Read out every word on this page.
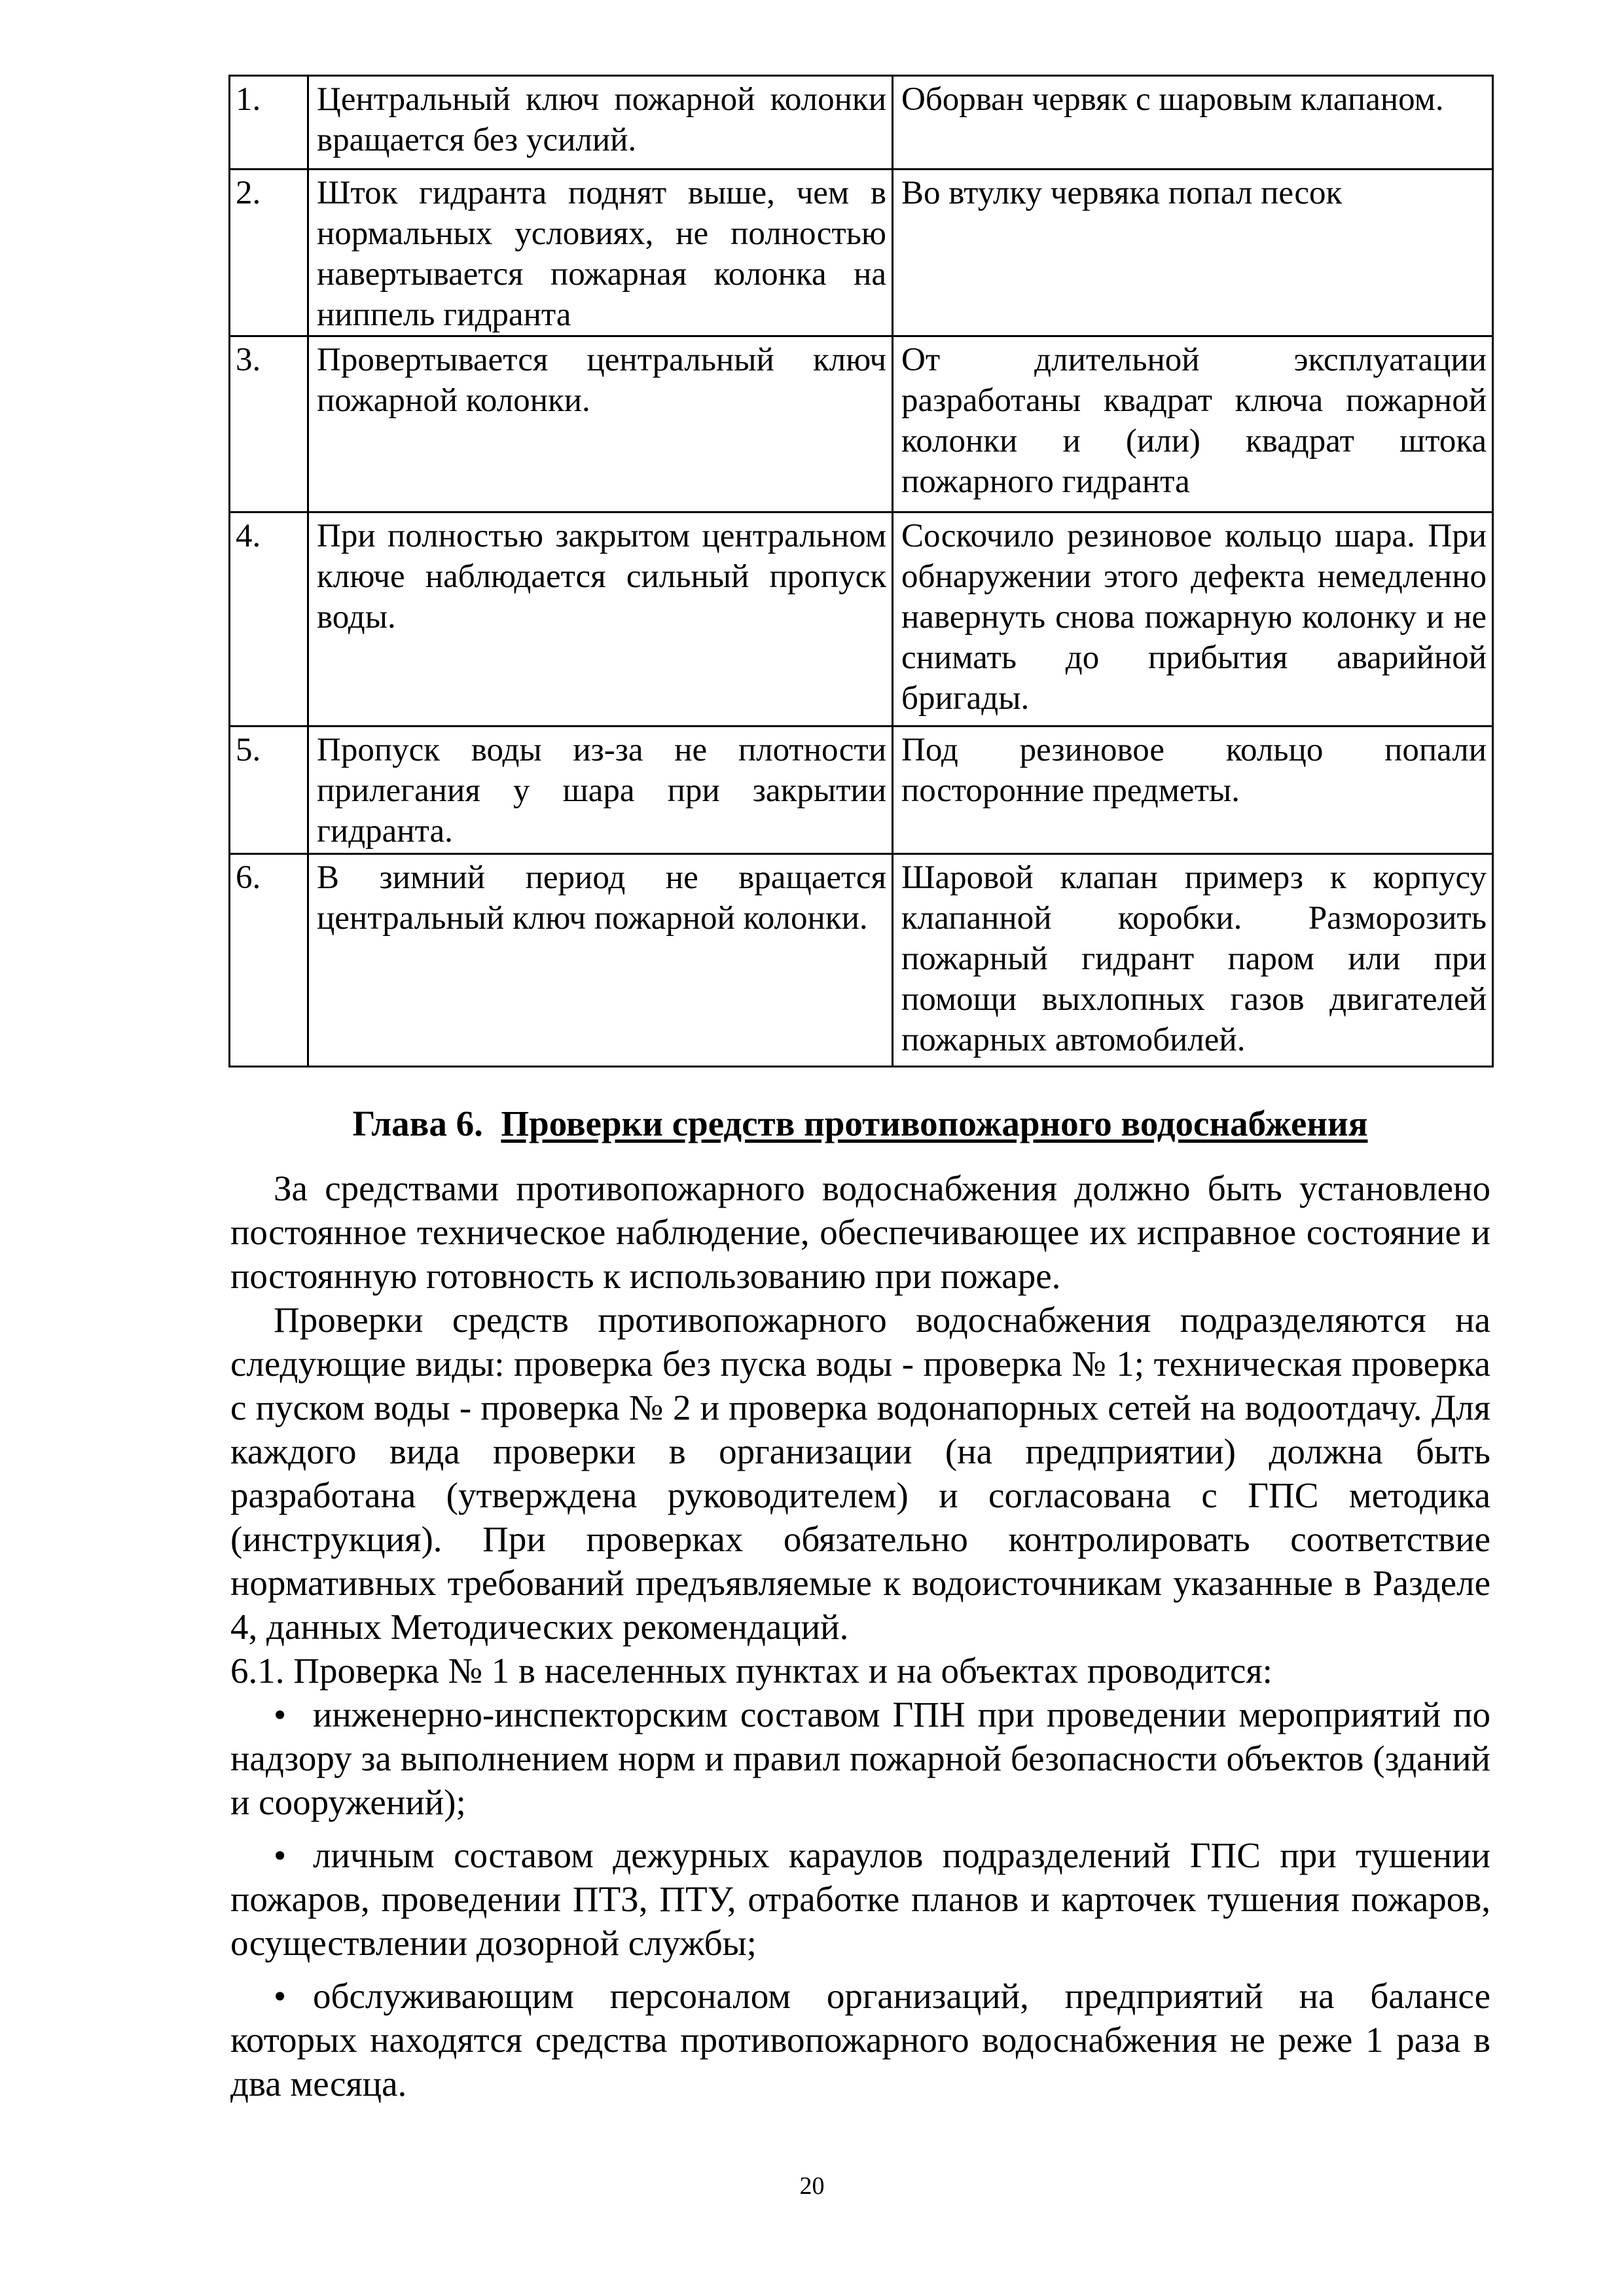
1.	Центральный ключ пожарной колонки вращается без усилий.	Оборван червяк с шаровым клапаном.
2.	Шток гидранта поднят выше, чем в нормальных условиях, не полностью навертывается пожарная колонка на ниппель гидранта	Во втулку червяка попал песок
3.	Провертывается центральный ключ пожарной колонки.	От длительной эксплуатации разработаны квадрат ключа пожарной колонки и (или) квадрат штока пожарного гидранта
4.	При полностью закрытом центральном ключе наблюдается сильный пропуск воды.	Соскочило резиновое кольцо шара. При обнаружении этого дефекта немедленно навернуть снова пожарную колонку и не снимать до прибытия аварийной бригады.
5.	Пропуск воды из-за не плотности прилегания у шара при закрытии гидранта.	Под резиновое кольцо попали посторонние предметы.
6.	В зимний период не вращается центральный ключ пожарной колонки.	Шаровой клапан примерз к корпусу клапанной коробки. Разморозить пожарный гидрант паром или при помощи выхлопных газов двигателей пожарных автомобилей.
Глава 6. Проверки средств противопожарного водоснабжения

За средствами противопожарного водоснабжения должно быть установлено постоянное техническое наблюдение, обеспечивающее их исправное состояние и постоянную готовность к использованию при пожаре.

Проверки средств противопожарного водоснабжения подразделяются на следующие виды: проверка без пуска воды - проверка № 1; техническая проверка с пуском воды - проверка № 2 и проверка водонапорных сетей на водоотдачу. Для каждого вида проверки в организации (на предприятии) должна быть разработана (утверждена руководителем) и согласована с ГПС методика (инструкция). При проверках обязательно контролировать соответствие нормативных требований предъявляемые к водоисточникам указанные в Разделе 4, данных Методических рекомендаций.

6.1. Проверка № 1 в населенных пунктах и на объектах проводится:

• инженерно-инспекторским составом ГПН при проведении мероприятий по надзору за выполнением норм и правил пожарной безопасности объектов (зданий и сооружений);
• личным составом дежурных караулов подразделений ГПС при тушении пожаров, проведении ПТЗ, ПТУ, отработке планов и карточек тушения пожаров, осуществлении дозорной службы;
• обслуживающим персоналом организаций, предприятий на балансе которых находятся средства противопожарного водоснабжения не реже 1 раза в два месяца.
20
